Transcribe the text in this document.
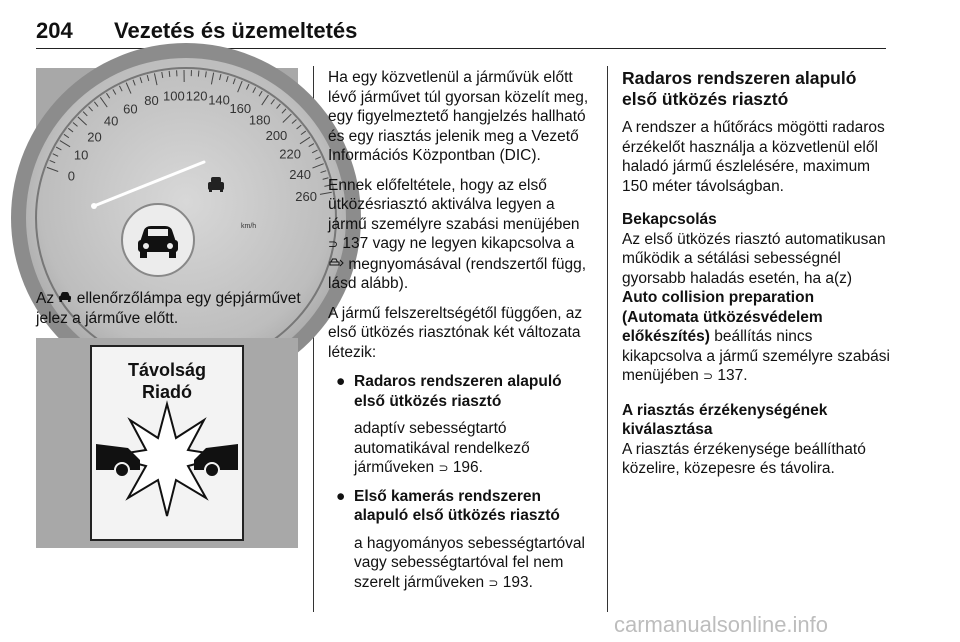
204 Vezetés és üzemeltetés
0
10
20
40
60
80 100 120 140
160
180
200
220
240
260
km/h
Az ellenőrzőlámpa egy gépjárművet jelez a járműve előtt.
Távolság
Riadó

Ha egy közvetlenül a járművük előtt lévő járművet túl gyorsan közelít meg, egy figyelmeztető hangjelzés hallható és egy riasztás jelenik meg a Vezető Információs Központban (DIC).

Ennek előfeltétele, hogy az első ütközésriasztó aktiválva legyen a jármű személyre szabási menüjében ⊃ 137 vagy ne legyen kikapcsolva a  megnyomásával (rendszertől függ, lásd alább).

A jármű felszereltségétől függően, az első ütközés riasztónak két változata létezik:

● Radaros rendszeren alapuló első ütközés riasztó
adaptív sebességtartó automatikával rendelkező járműveken ⊃ 196.
● Első kamerás rendszeren alapuló első ütközés riasztó
a hagyományos sebességtartóval vagy sebességtartóval fel nem szerelt járműveken ⊃ 193.
Radaros rendszeren alapuló első ütközés riasztó

A rendszer a hűtőrács mögötti radaros érzékelőt használja a közvetlenül elől haladó jármű észlelésére, maximum 150 méter távolságban.

Bekapcsolás

Az első ütközés riasztó automatikusan működik a sétálási sebességnél gyorsabb haladás esetén, ha a(z) Auto collision preparation (Automata ütközésvédelem előkészítés) beállítás nincs kikapcsolva a jármű személyre szabási menüjében ⊃ 137.

A riasztás érzékenységének kiválasztása

A riasztás érzékenysége beállítható közelire, közepesre és távolira.

carmanualsonline.info
